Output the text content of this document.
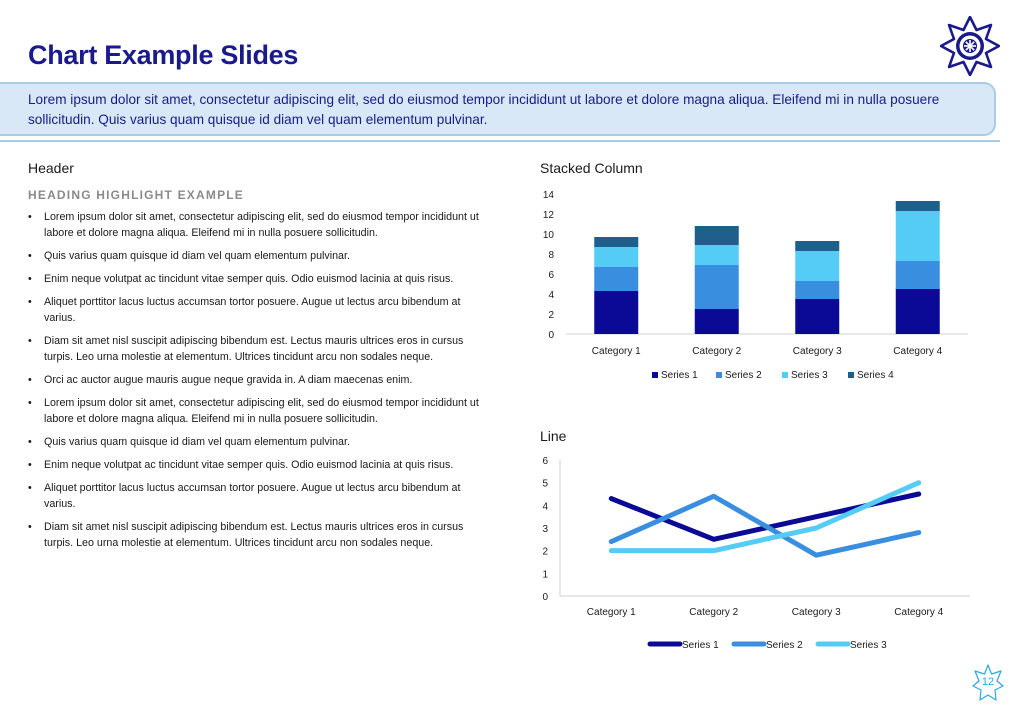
Chart Example Slides
Lorem ipsum dolor sit amet, consectetur adipiscing elit, sed do eiusmod tempor incididunt ut labore et dolore magna aliqua. Eleifend mi in nulla posuere sollicitudin. Quis varius quam quisque id diam vel quam elementum pulvinar.
Header
HEADING HIGHLIGHT EXAMPLE
• Lorem ipsum dolor sit amet, consectetur adipiscing elit, sed do eiusmod tempor incididunt ut labore et dolore magna aliqua. Eleifend mi in nulla posuere sollicitudin.
• Quis varius quam quisque id diam vel quam elementum pulvinar.
• Enim neque volutpat ac tincidunt vitae semper quis. Odio euismod lacinia at quis risus.
• Aliquet porttitor lacus luctus accumsan tortor posuere. Augue ut lectus arcu bibendum at varius.
• Diam sit amet nisl suscipit adipiscing bibendum est. Lectus mauris ultrices eros in cursus turpis. Leo urna molestie at elementum. Ultrices tincidunt arcu non sodales neque.
• Orci ac auctor augue mauris augue neque gravida in. A diam maecenas enim.
• Lorem ipsum dolor sit amet, consectetur adipiscing elit, sed do eiusmod tempor incididunt ut labore et dolore magna aliqua. Eleifend mi in nulla posuere sollicitudin.
• Quis varius quam quisque id diam vel quam elementum pulvinar.
• Enim neque volutpat ac tincidunt vitae semper quis. Odio euismod lacinia at quis risus.
• Aliquet porttitor lacus luctus accumsan tortor posuere. Augue ut lectus arcu bibendum at varius.
• Diam sit amet nisl suscipit adipiscing bibendum est. Lectus mauris ultrices eros in cursus turpis. Leo urna molestie at elementum. Ultrices tincidunt arcu non sodales neque.
Stacked Column
0
2
4
6
8
10
12
14
Category 1	Category 2	Category 3	Category 4
Series 1	Series 2	Series 3	Series 4
Line
0
1
2
3
4
5
6
Category 1	Category 2	Category 3	Category 4
Series 1	Series 2	Series 3
12
